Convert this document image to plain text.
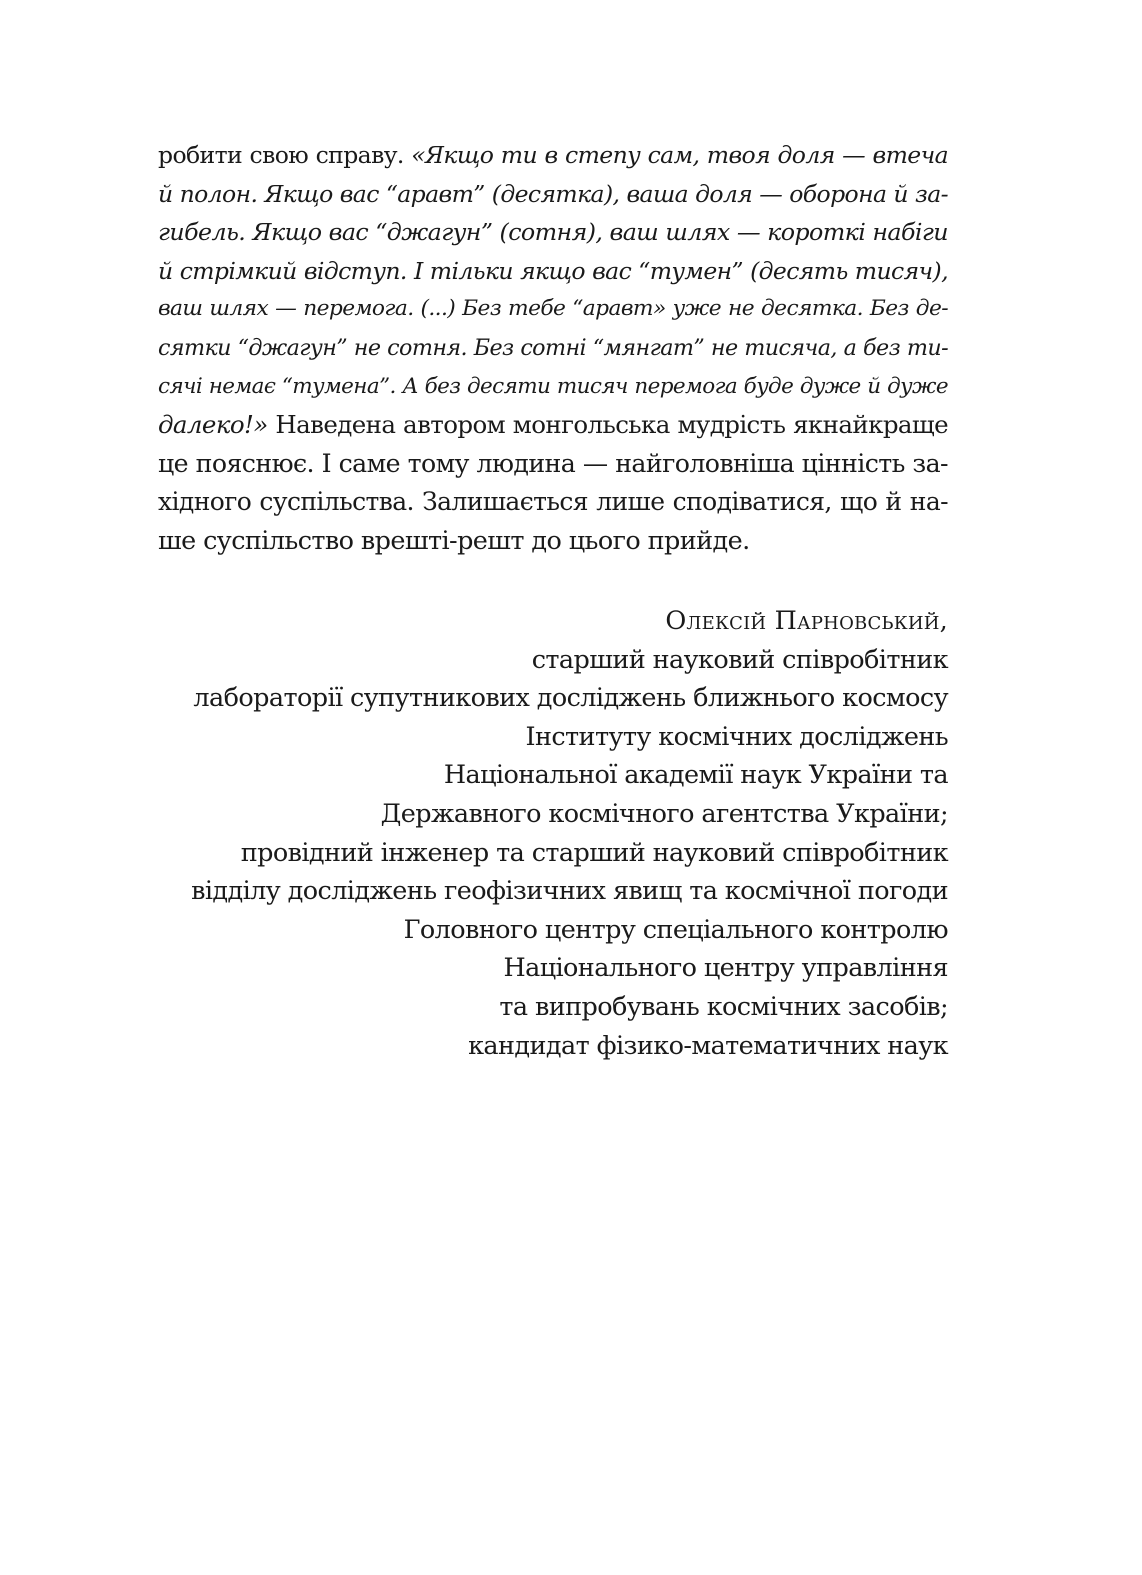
робити свою справу. «Якщо ти в степу сам, твоя доля — втеча
й полон. Якщо вас “аравт” (десятка), ваша доля — оборона й за-
гибель. Якщо вас “джагун” (сотня), ваш шлях — короткі набіги
й стрімкий відступ. І тільки якщо вас “тумен” (десять тисяч),
ваш шлях — перемога. (...) Без тебе “аравт» уже не десятка. Без де-
сятки “джагун” не сотня. Без сотні “мянгат” не тисяча, а без ти-
сячі немає “тумена”. А без десяти тисяч перемога буде дуже й дуже
далеко!» Наведена автором монгольська мудрість якнайкраще
це пояснює. І саме тому людина — найголовніша цінність за-
хідного суспільства. Залишається лише сподіватися, що й на-
ше суспільство врешті-решт до цього прийде.
Олексій Парновський,
старший науковий співробітник
лабораторії супутникових досліджень ближнього космосу
Інституту космічних досліджень
Національної академії наук України та
Державного космічного агентства України;
провідний інженер та старший науковий співробітник
відділу досліджень геофізичних явищ та космічної погоди
Головного центру спеціального контролю
Національного центру управління
та випробувань космічних засобів;
кандидат фізико-математичних наук
